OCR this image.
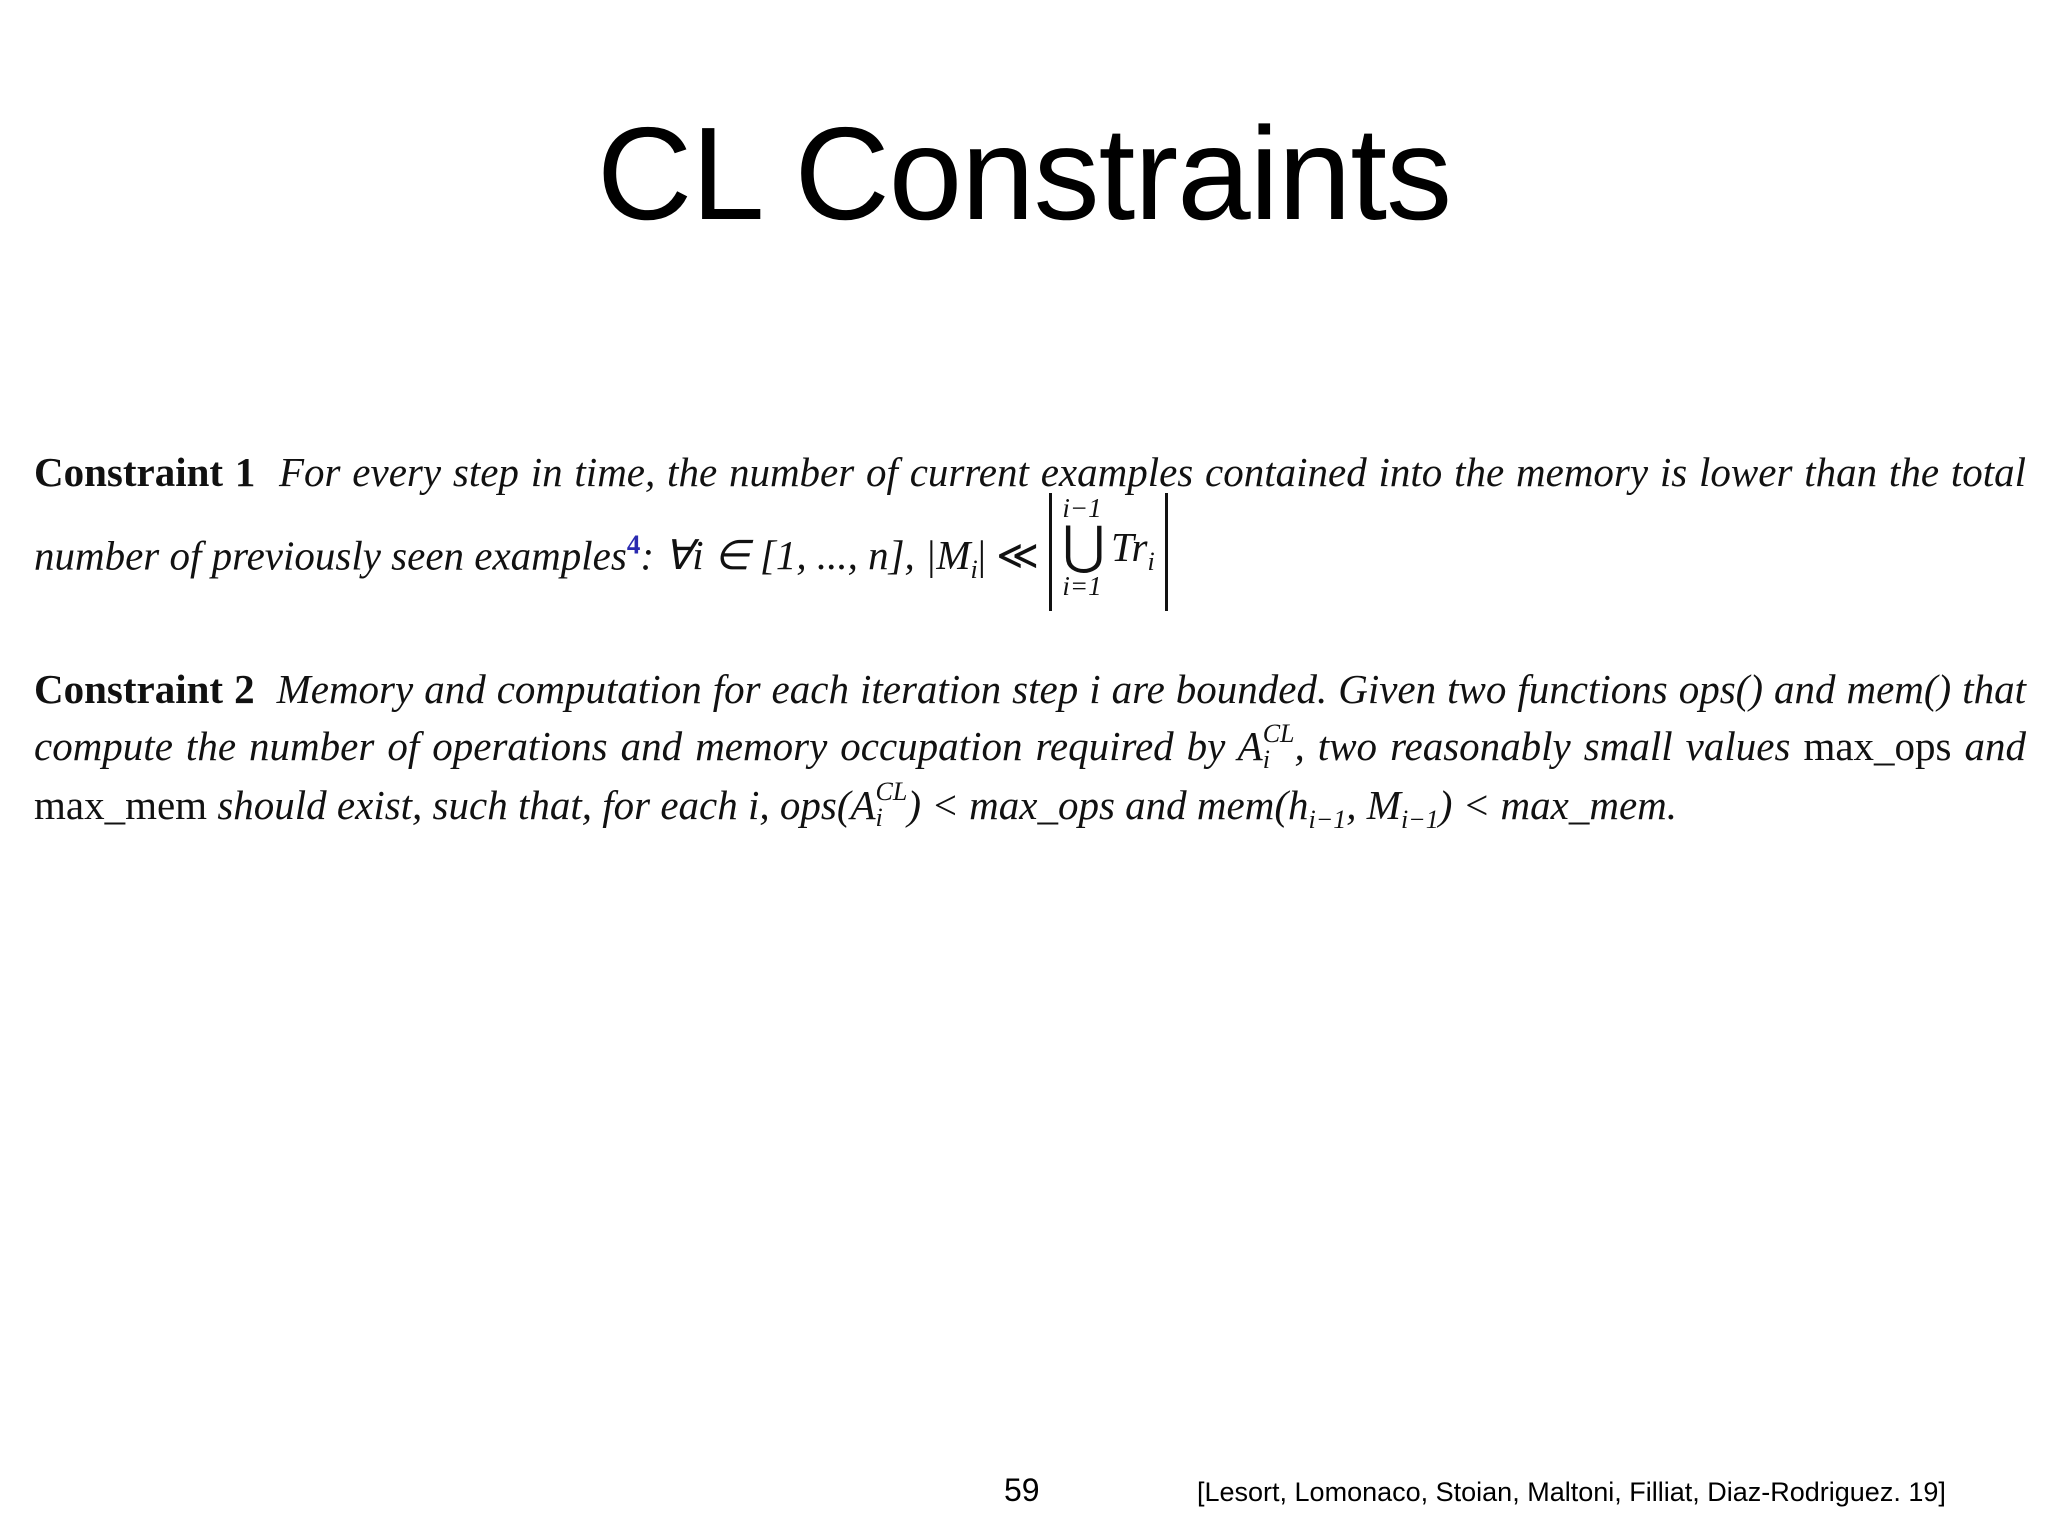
CL Constraints

Constraint 1 For every step in time, the number of current examples contained into the memory is lower than the total number of previously seen examples$^4$: ∀i ∈ [1, ..., n], $|M_i|$ ≪
i−1
⋃
i=1
$Tr_i$

Constraint 2 Memory and computation for each iteration step i are bounded. Given two functions ops() and mem() that compute the number of operations and memory occupation required by A CL
i , two reasonably small values max_ops and max_mem should exist, such that, for each i, ops(A CL
i ) < max_ops and $mem(h_{i-1}$, $M_{i-1}$) < max_mem.

59	[Lesort, Lomonaco, Stoian, Maltoni, Filliat, Diaz-Rodriguez. 19]
